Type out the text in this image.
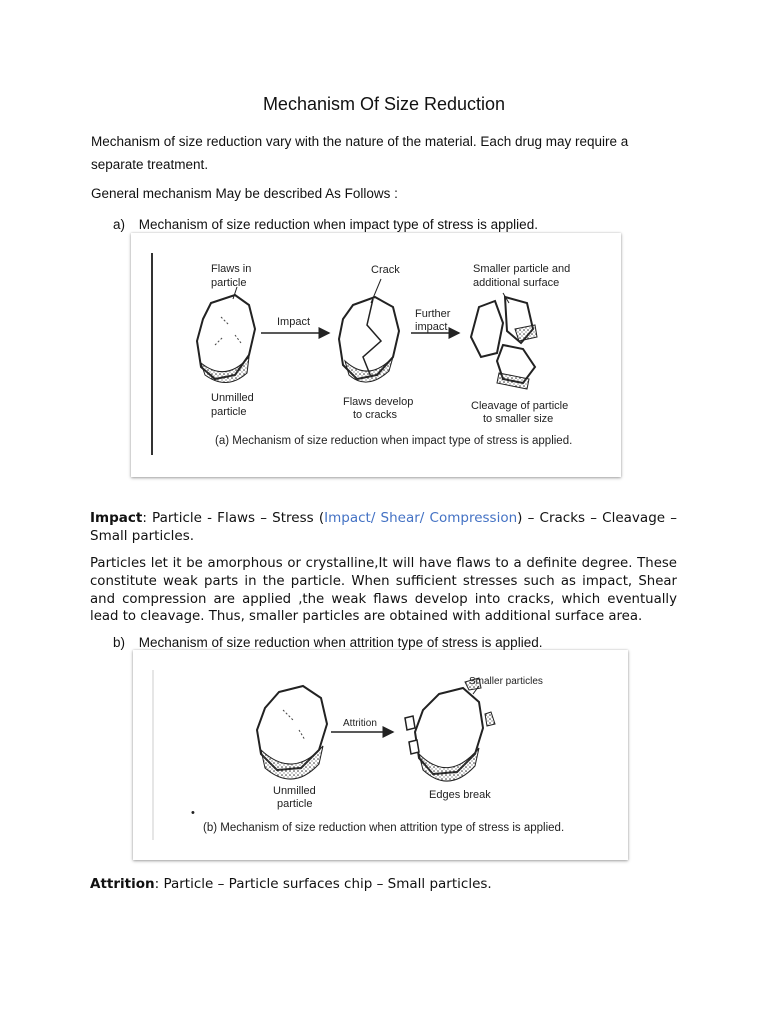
Mechanism Of Size Reduction
Mechanism of size reduction vary with the nature of the material. Each drug may require a
separate treatment.
General mechanism May be described As Follows :
a) Mechanism of size reduction when impact type of stress is applied.
Flaws in
particle
Crack	Smaller particle and
additional surface
Impact
Further
impact
Unmilled
particle
Flaws develop
to cracks
Cleavage of particle
to smaller size
(a) Mechanism of size reduction when impact type of stress is applied.
Impact: Particle - Flaws – Stress (Impact/ Shear/ Compression) – Cracks – Cleavage – Small particles.
Particles let it be amorphous or crystalline,It will have flaws to a definite degree. These constitute weak parts in the particle. When sufficient stresses such as impact, Shear and compression are applied ,the weak flaws develop into cracks, which eventually lead to cleavage. Thus, smaller particles are obtained with additional surface area.
b) Mechanism of size reduction when attrition type of stress is applied.
Smaller particles
Attrition
Unmilled
particle
Edges break
•
(b) Mechanism of size reduction when attrition type of stress is applied.
Attrition: Particle – Particle surfaces chip – Small particles.
